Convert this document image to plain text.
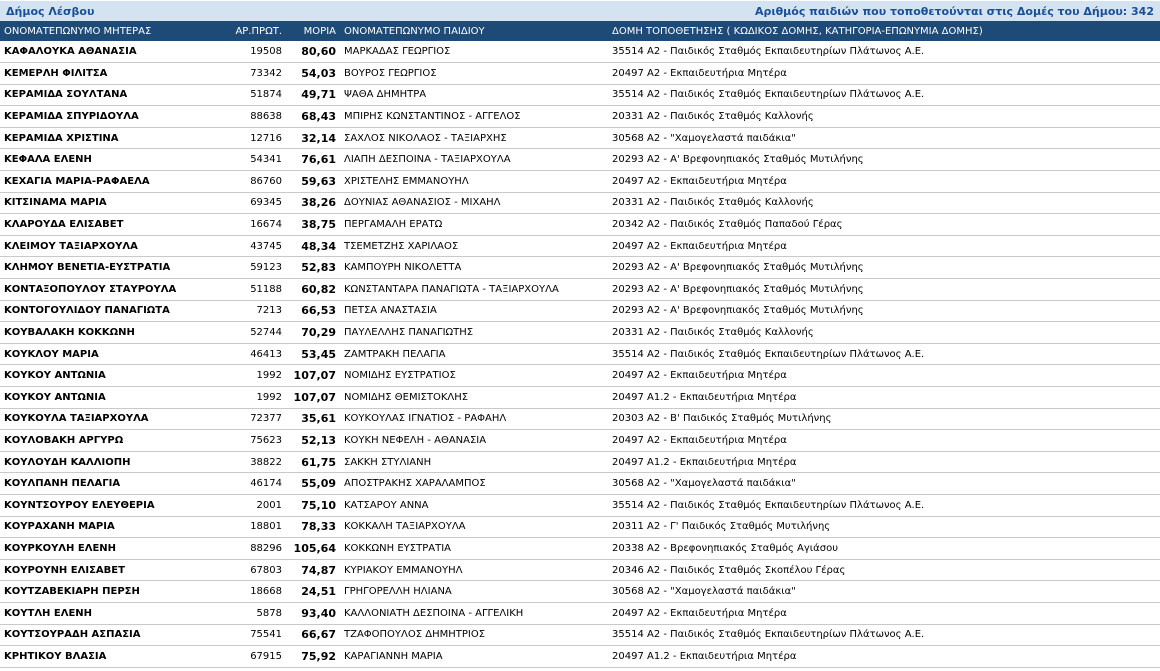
Δήμος Λέσβου	Αριθμός παιδιών που τοποθετούνται στις Δομές του Δήμου: 342
ΟΝΟΜΑΤΕΠΩΝΥΜΟ ΜΗΤΕΡΑΣ	ΑΡ.ΠΡΩΤ.	ΜΟΡΙΑ	ΟΝΟΜΑΤΕΠΩΝΥΜΟ ΠΑΙΔΙΟΥ	ΔΟΜΗ ΤΟΠΟΘΕΤΗΣΗΣ ( ΚΩΔΙΚΟΣ ΔΟΜΗΣ, ΚΑΤΗΓΟΡΙΑ-ΕΠΩΝΥΜΙΑ ΔΟΜΗΣ)
ΚΑΦΑΛΟΥΚΑ ΑΘΑΝΑΣΙΑ	19508	80,60	ΜΑΡΚΑΔΑΣ ΓΕΩΡΓΙΟΣ	35514 Α2 - Παιδικός Σταθμός Εκπαιδευτηρίων Πλάτωνος Α.Ε.
ΚΕΜΕΡΛΗ ΦΙΛΙΤΣΑ	73342	54,03	ΒΟΥΡΟΣ ΓΕΩΡΓΙΟΣ	20497 Α2 - Εκπαιδευτήρια Μητέρα
ΚΕΡΑΜΙΔΑ ΣΟΥΛΤΑΝΑ	51874	49,71	ΨΑΘΑ ΔΗΜΗΤΡΑ	35514 Α2 - Παιδικός Σταθμός Εκπαιδευτηρίων Πλάτωνος Α.Ε.
ΚΕΡΑΜΙΔΑ ΣΠΥΡΙΔΟΥΛΑ	88638	68,43	ΜΠΙΡΗΣ ΚΩΝΣΤΑΝΤΙΝΟΣ - ΑΓΓΕΛΟΣ	20331 Α2 - Παιδικός Σταθμός Καλλονής
ΚΕΡΑΜΙΔΑ ΧΡΙΣΤΙΝΑ	12716	32,14	ΣΑΧΛΟΣ ΝΙΚΟΛΑΟΣ - ΤΑΞΙΑΡΧΗΣ	30568 Α2 - "Χαμογελαστά παιδάκια"
ΚΕΦΑΛΑ ΕΛΕΝΗ	54341	76,61	ΛΙΑΠΗ ΔΕΣΠΟΙΝΑ - ΤΑΞΙΑΡΧΟΥΛΑ	20293 Α2 - Α' Βρεφονηπιακός Σταθμός Μυτιλήνης
ΚΕΧΑΓΙΑ ΜΑΡΙΑ-ΡΑΦΑΕΛΑ	86760	59,63	ΧΡΙΣΤΕΛΗΣ ΕΜΜΑΝΟΥΗΛ	20497 Α2 - Εκπαιδευτήρια Μητέρα
ΚΙΤΣΙΝΑΜΑ ΜΑΡΙΑ	69345	38,26	ΔΟΥΝΙΑΣ ΑΘΑΝΑΣΙΟΣ - ΜΙΧΑΗΛ	20331 Α2 - Παιδικός Σταθμός Καλλονής
ΚΛΑΡΟΥΔΑ ΕΛΙΣΑΒΕΤ	16674	38,75	ΠΕΡΓΑΜΑΛΗ ΕΡΑΤΩ	20342 Α2 - Παιδικός Σταθμός Παπαδού Γέρας
ΚΛΕΙΜΟΥ ΤΑΞΙΑΡΧΟΥΛΑ	43745	48,34	ΤΣΕΜΕΤΖΗΣ ΧΑΡΙΛΑΟΣ	20497 Α2 - Εκπαιδευτήρια Μητέρα
ΚΛΗΜΟΥ ΒΕΝΕΤΙΑ-ΕΥΣΤΡΑΤΙΑ	59123	52,83	ΚΑΜΠΟΥΡΗ ΝΙΚΟΛΕΤΤΑ	20293 Α2 - Α' Βρεφονηπιακός Σταθμός Μυτιλήνης
ΚΟΝΤΑΞΟΠΟΥΛΟΥ ΣΤΑΥΡΟΥΛΑ	51188	60,82	ΚΩΝΣΤΑΝΤΑΡΑ ΠΑΝΑΓΙΩΤΑ - ΤΑΞΙΑΡΧΟΥΛΑ	20293 Α2 - Α' Βρεφονηπιακός Σταθμός Μυτιλήνης
ΚΟΝΤΟΓΟΥΛΙΔΟΥ ΠΑΝΑΓΙΩΤΑ	7213	66,53	ΠΕΤΣΑ ΑΝΑΣΤΑΣΙΑ	20293 Α2 - Α' Βρεφονηπιακός Σταθμός Μυτιλήνης
ΚΟΥΒΑΛΑΚΗ ΚΟΚΚΩΝΗ	52744	70,29	ΠΑΥΛΕΛΛΗΣ ΠΑΝΑΓΙΩΤΗΣ	20331 Α2 - Παιδικός Σταθμός Καλλονής
ΚΟΥΚΛΟΥ ΜΑΡΙΑ	46413	53,45	ΖΑΜΤΡΑΚΗ ΠΕΛΑΓΙΑ	35514 Α2 - Παιδικός Σταθμός Εκπαιδευτηρίων Πλάτωνος Α.Ε.
ΚΟΥΚΟΥ ΑΝΤΩΝΙΑ	1992	107,07	ΝΟΜΙΔΗΣ ΕΥΣΤΡΑΤΙΟΣ	20497 Α2 - Εκπαιδευτήρια Μητέρα
ΚΟΥΚΟΥ ΑΝΤΩΝΙΑ	1992	107,07	ΝΟΜΙΔΗΣ ΘΕΜΙΣΤΟΚΛΗΣ	20497 Α1.2 - Εκπαιδευτήρια Μητέρα
ΚΟΥΚΟΥΛΑ ΤΑΞΙΑΡΧΟΥΛΑ	72377	35,61	ΚΟΥΚΟΥΛΑΣ ΙΓΝΑΤΙΟΣ - ΡΑΦΑΗΛ	20303 Α2 - Β' Παιδικός Σταθμός Μυτιλήνης
ΚΟΥΛΟΒΑΚΗ ΑΡΓΥΡΩ	75623	52,13	ΚΟΥΚΗ ΝΕΦΕΛΗ - ΑΘΑΝΑΣΙΑ	20497 Α2 - Εκπαιδευτήρια Μητέρα
ΚΟΥΛΟΥΔΗ ΚΑΛΛΙΟΠΗ	38822	61,75	ΣΑΚΚΗ ΣΤΥΛΙΑΝΗ	20497 Α1.2 - Εκπαιδευτήρια Μητέρα
ΚΟΥΛΠΑΝΗ ΠΕΛΑΓΙΑ	46174	55,09	ΑΠΟΣΤΡΑΚΗΣ ΧΑΡΑΛΑΜΠΟΣ	30568 Α2 - "Χαμογελαστά παιδάκια"
ΚΟΥΝΤΣΟΥΡΟΥ ΕΛΕΥΘΕΡΙΑ	2001	75,10	ΚΑΤΣΑΡΟΥ ΑΝΝΑ	35514 Α2 - Παιδικός Σταθμός Εκπαιδευτηρίων Πλάτωνος Α.Ε.
ΚΟΥΡΑΧΑΝΗ ΜΑΡΙΑ	18801	78,33	ΚΟΚΚΑΛΗ ΤΑΞΙΑΡΧΟΥΛΑ	20311 Α2 - Γ' Παιδικός Σταθμός Μυτιλήνης
ΚΟΥΡΚΟΥΛΗ ΕΛΕΝΗ	88296	105,64	ΚΟΚΚΩΝΗ ΕΥΣΤΡΑΤΙΑ	20338 Α2 - Βρεφονηπιακός Σταθμός Αγιάσου
ΚΟΥΡΟΥΝΗ ΕΛΙΣΑΒΕΤ	67803	74,87	ΚΥΡΙΑΚΟΥ ΕΜΜΑΝΟΥΗΛ	20346 Α2 - Παιδικός Σταθμός Σκοπέλου Γέρας
ΚΟΥΤΖΑΒΕΚΙΑΡΗ ΠΕΡΣΗ	18668	24,51	ΓΡΗΓΟΡΕΛΛΗ ΗΛΙΑΝΑ	30568 Α2 - "Χαμογελαστά παιδάκια"
ΚΟΥΤΛΗ ΕΛΕΝΗ	5878	93,40	ΚΑΛΛΟΝΙΑΤΗ ΔΕΣΠΟΙΝΑ - ΑΓΓΕΛΙΚΗ	20497 Α2 - Εκπαιδευτήρια Μητέρα
ΚΟΥΤΣΟΥΡΑΔΗ ΑΣΠΑΣΙΑ	75541	66,67	ΤΖΑΦΟΠΟΥΛΟΣ ΔΗΜΗΤΡΙΟΣ	35514 Α2 - Παιδικός Σταθμός Εκπαιδευτηρίων Πλάτωνος Α.Ε.
ΚΡΗΤΙΚΟΥ ΒΛΑΣΙΑ	67915	75,92	ΚΑΡΑΓΙΑΝΝΗ ΜΑΡΙΑ	20497 Α1.2 - Εκπαιδευτήρια Μητέρα
